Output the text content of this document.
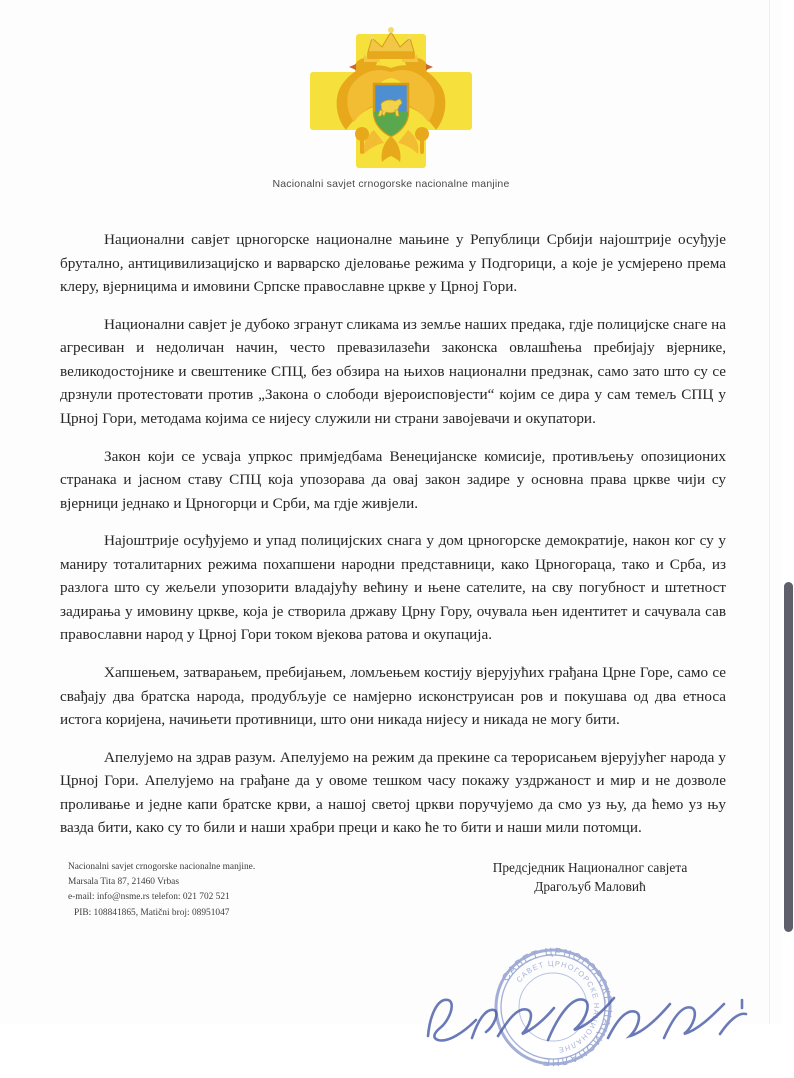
Nacionalni savjet crnogorske nacionalne manjine

Национални савјет црногорске националне мањине у Републици Србији најоштрије осуђује брутално, антицивилизацијско и варварско дјеловање режима у Подгорици, а које је усмјерено према клеру, вјерницима и имовини Српске православне цркве у Црној Гори.

Национални савјет је дубоко згранут сликама из земље наших предака, гдје полицијске снаге на агресиван и недоличан начин, често превазилазећи законска овлашћења пребијају вјернике, великодостојнике и свештенике СПЦ, без обзира на њихов национални предзнак, само зато што су се дрзнули протестовати против „Закона о слободи вјероисповјести“ којим се дира у сам темељ СПЦ у Црној Гори, методама којима се нијесу служили ни страни завојевачи и окупатори.

Закон који се усваја упркос примједбама Венецијанске комисије, противљењу опозиционих странака и јасном ставу СПЦ која упозорава да овај закон задире у основна права цркве чији су вјерници једнако и Црногорци и Срби, ма гдје живјели.

Најоштрије осуђујемо и упад полицијских снага у дом црногорске демократије, након ког су у маниру тоталитарних режима похапшени народни представници, како Црногораца, тако и Срба, из разлога што су жељели упозорити владајућу већину и њене сателите, на сву погубност и штетност задирања у имовину цркве, која је створила државу Црну Гору, очувала њен идентитет и сачувала сав православни народ у Црној Гори током вјекова ратова и окупација.

Хапшењем, затварањем, пребијањем, ломљењем костију вјерујућих грађана Црне Горе, само се свађају два братска народа, продубљује се намјерно исконструисан ров и покушава од два етноса истога коријена, начињети противници, што они никада нијесу и никада не могу бити.

Апелујемо на здрав разум. Апелујемо на режим да прекине са терорисањем вјерујућег народа у Црној Гори. Апелујемо на грађане да у овоме тешком часу покажу уздржаност и мир и не дозволе проливање и једне капи братске крви, а нашој светој цркви поручујемо да смо уз њу, да ћемо уз њу вазда бити, како су то били и наши храбри преци и како ће то бити и наши мили потомци.

Nacionalni savjet crnogorske nacionalne manjine.
Marsala Tita 87, 21460 Vrbas
e-mail: info@nsme.rs telefon: 021 702 521
PIB: 108841865, Matični broj: 08951047
Предсједник Националног савјета
Драгољуб Маловић
САВЕТ ЦРНОГОРСКЕ НАЦИОНАЛНЕ
САВЕТ ЦРНОГОРСКЕ НАЦИОНАЛНЕ
